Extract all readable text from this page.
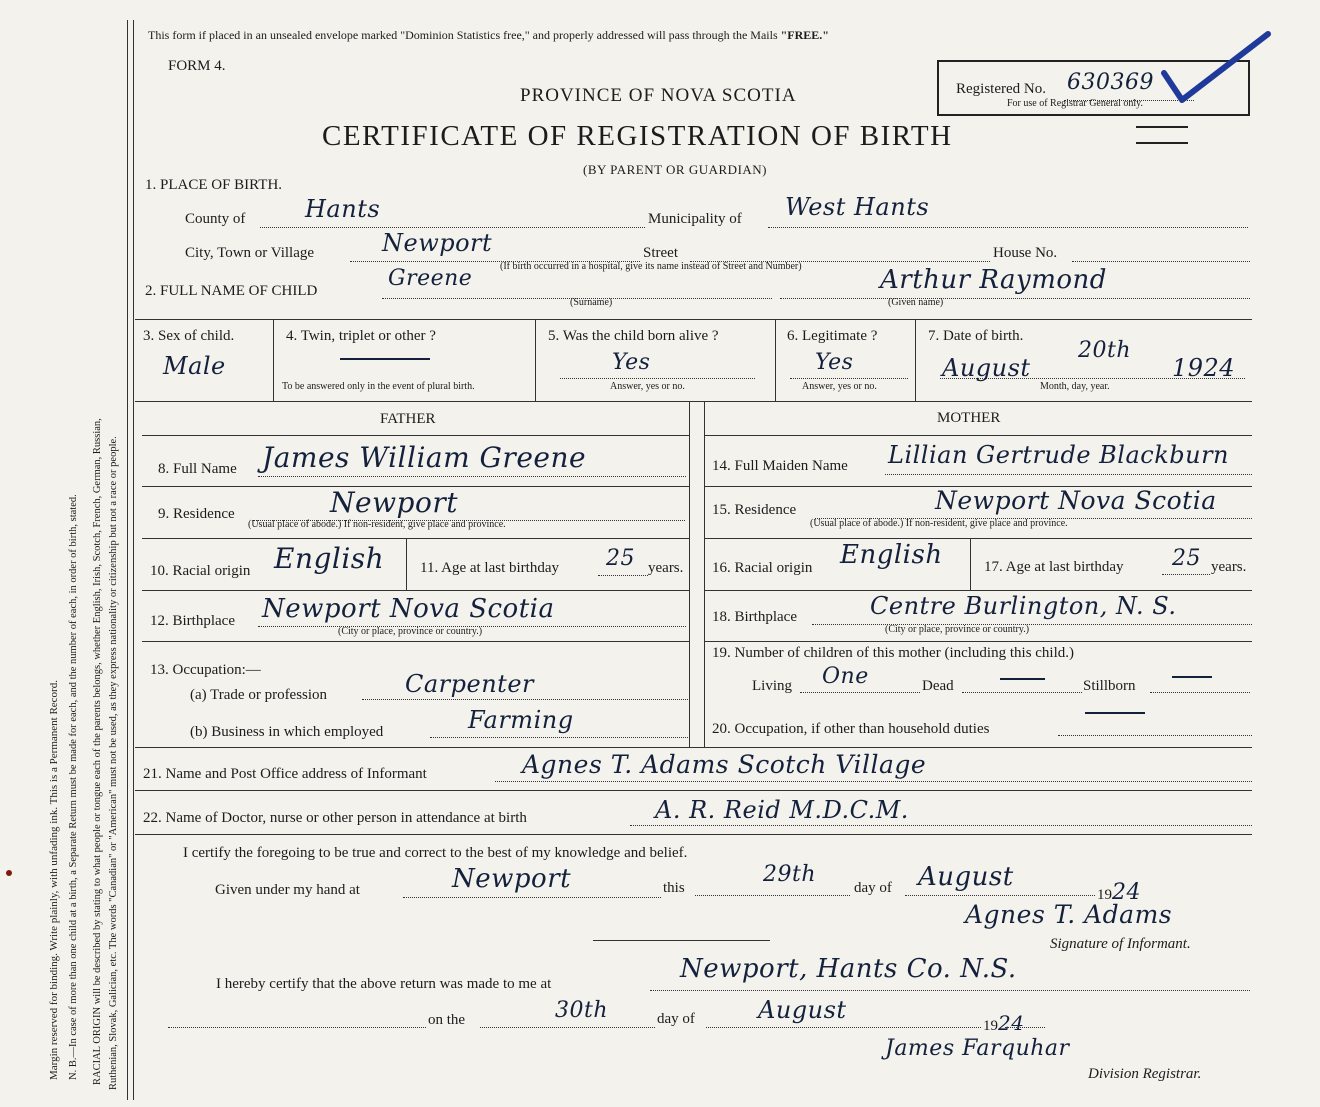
Margin reserved for binding. Write plainly, with unfading ink. This is a Permanent Record. N. B.—In case of more than one child at a birth, a Separate Return must be made for each, and the number of each, in order of birth, stated. RACIAL ORIGIN will be described by stating to what people or tongue each of the parents belongs, whether English, Irish, Scotch, French, German, Russian, Ruthenian, Slovak, Galician, etc. The words "Canadian" or "American" must not be used, as they express nationality or citizenship but not a race or people.
This form if placed in an unsealed envelope marked "Dominion Statistics free," and properly addressed will pass through the Mails "FREE."
FORM 4.
PROVINCE OF NOVA SCOTIA
CERTIFICATE OF REGISTRATION OF BIRTH
(BY PARENT OR GUARDIAN)
Registered No. 630369
For use of Registrar General only.
1. PLACE OF BIRTH.
County of Hants	Municipality of West Hants
City, Town or Village	Newport	Street	House No.
(If birth occurred in a hospital, give its name instead of Street and Number)
2. FULL NAME OF CHILD	Greene
(Surname)
Arthur Raymond
(Given name)
3. Sex of child.
Male
4. Twin, triplet or other ?
To be answered only in the event of plural birth.
5. Was the child born alive ?
Yes
Answer, yes or no.
6. Legitimate ?
Yes
Answer, yes or no.
7. Date of birth.
August
20th
1924
Month, day, year.
FATHER	MOTHER
8. Full Name James William Greene
9. Residence	Newport
(Usual place of abode.) If non-resident, give place and province.
10. Racial origin English 11. Age at last birthday 25 years.
12. Birthplace Newport Nova Scotia
(City or place, province or country.)
13. Occupation:—
(a) Trade or profession	Carpenter
(b) Business in which employed	Farming
14. Full Maiden Name Lillian Gertrude Blackburn
15. Residence	Newport Nova Scotia
(Usual place of abode.) If non-resident, give place and province.
16. Racial origin English	17. Age at last birthday 25 years.
18. Birthplace	Centre Burlington, N. S.
(City or place, province or country.)
19. Number of children of this mother (including this child.)
Living One	Dead	Stillborn
20. Occupation, if other than household duties
21. Name and Post Office address of Informant	Agnes T. Adams Scotch Village
22. Name of Doctor, nurse or other person in attendance at birth	A. R. Reid M.D.C.M.
I certify the foregoing to be true and correct to the best of my knowledge and belief.
Given under my hand at	Newport	this
29th
day of August
1924
Agnes T. Adams
Signature of Informant.
I hereby certify that the above return was made to me at	Newport, Hants Co. N.S.
on the	30th	day of	August
1924
James Farquhar
Division Registrar.
